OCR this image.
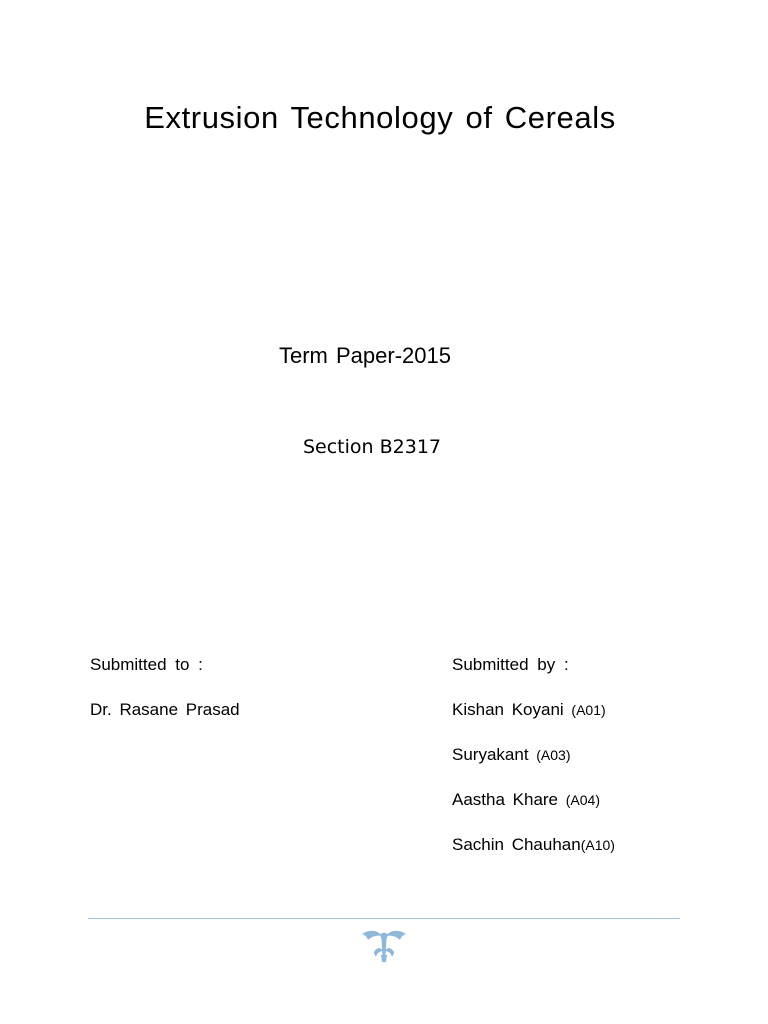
Extrusion Technology of Cereals
Term Paper-2015
Section B2317
Submitted to :
Dr. Rasane Prasad
Submitted by :
Kishan Koyani (A01)
Suryakant (A03)
Aastha Khare (A04)
Sachin Chauhan(A10)
